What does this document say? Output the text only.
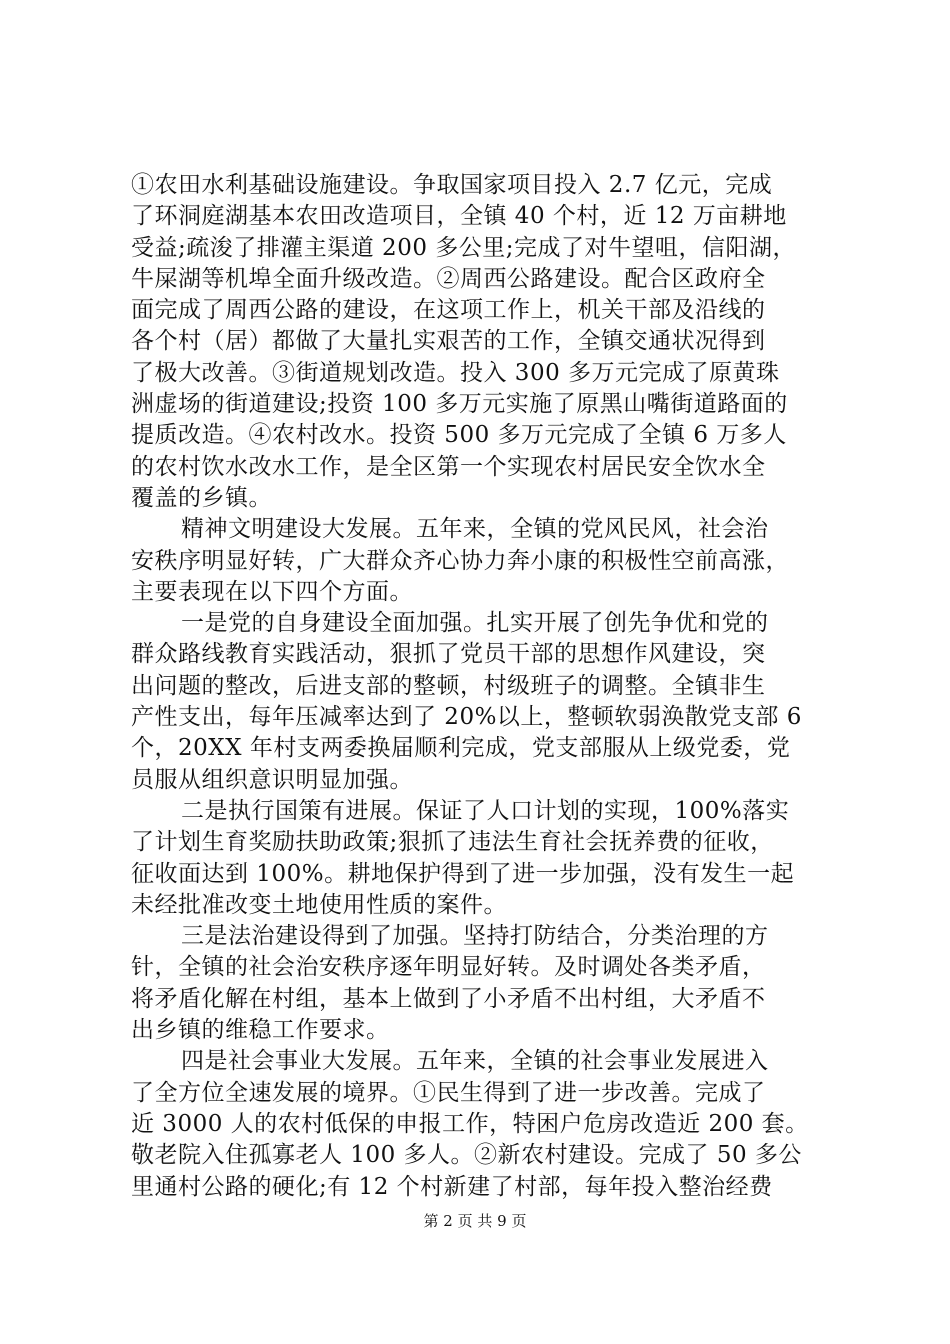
①农田水利基础设施建设。争取国家项目投入 2.7 亿元，完成
了环洞庭湖基本农田改造项目，全镇 40 个村，近 12 万亩耕地
受益;疏浚了排灌主渠道 200 多公里;完成了对牛望咀，信阳湖，
牛屎湖等机埠全面升级改造。②周西公路建设。配合区政府全
面完成了周西公路的建设，在这项工作上，机关干部及沿线的
各个村（居）都做了大量扎实艰苦的工作，全镇交通状况得到
了极大改善。③街道规划改造。投入 300 多万元完成了原黄珠
洲虚场的街道建设;投资 100 多万元实施了原黑山嘴街道路面的
提质改造。④农村改水。投资 500 多万元完成了全镇 6 万多人
的农村饮水改水工作，是全区第一个实现农村居民安全饮水全
覆盖的乡镇。
精神文明建设大发展。五年来，全镇的党风民风，社会治
安秩序明显好转，广大群众齐心协力奔小康的积极性空前高涨，
主要表现在以下四个方面。
一是党的自身建设全面加强。扎实开展了创先争优和党的
群众路线教育实践活动，狠抓了党员干部的思想作风建设，突
出问题的整改，后进支部的整顿，村级班子的调整。全镇非生
产性支出，每年压减率达到了 20%以上，整顿软弱涣散党支部 6
个，20XX 年村支两委换届顺利完成，党支部服从上级党委，党
员服从组织意识明显加强。
二是执行国策有进展。保证了人口计划的实现，100%落实
了计划生育奖励扶助政策;狠抓了违法生育社会抚养费的征收，
征收面达到 100%。耕地保护得到了进一步加强，没有发生一起
未经批准改变土地使用性质的案件。
三是法治建设得到了加强。坚持打防结合，分类治理的方
针，全镇的社会治安秩序逐年明显好转。及时调处各类矛盾，
将矛盾化解在村组，基本上做到了小矛盾不出村组，大矛盾不
出乡镇的维稳工作要求。
四是社会事业大发展。五年来，全镇的社会事业发展进入
了全方位全速发展的境界。①民生得到了进一步改善。完成了
近 3000 人的农村低保的申报工作，特困户危房改造近 200 套。
敬老院入住孤寡老人 100 多人。②新农村建设。完成了 50 多公
里通村公路的硬化;有 12 个村新建了村部，每年投入整治经费
第 2 页 共 9 页
